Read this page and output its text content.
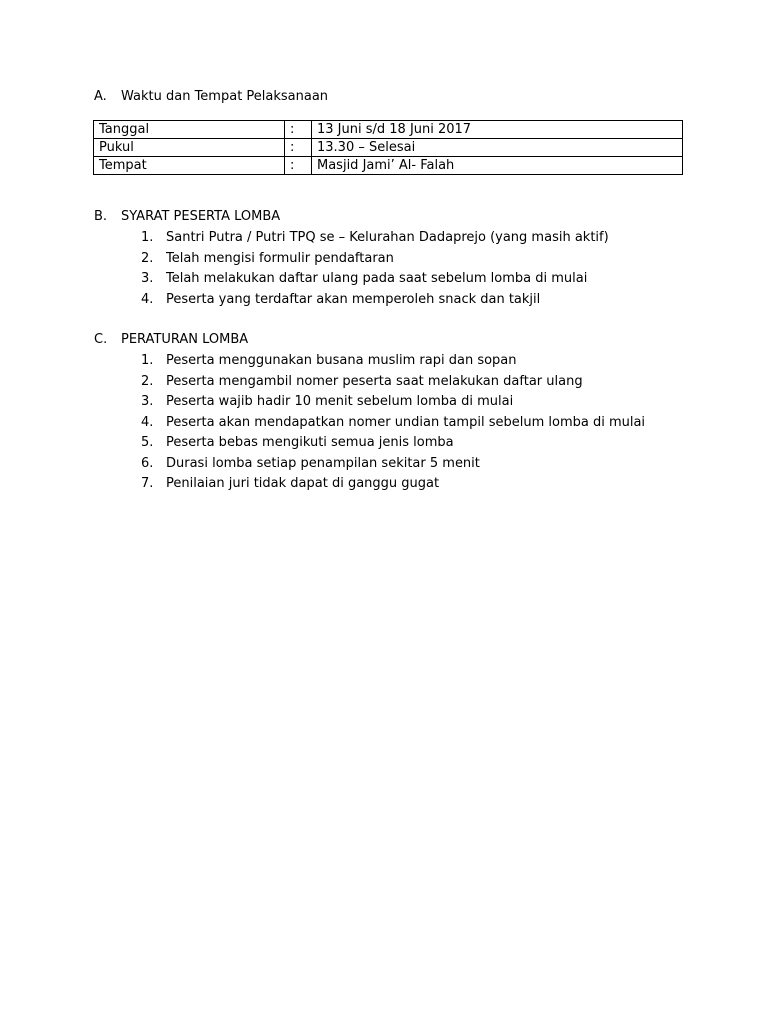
A. Waktu dan Tempat Pelaksanaan
Tanggal	:	13 Juni s/d 18 Juni 2017
Pukul	:	13.30 – Selesai
Tempat	:	Masjid Jami’ Al- Falah
B. SYARAT PESERTA LOMBA
1. Santri Putra / Putri TPQ se – Kelurahan Dadaprejo (yang masih aktif)
2. Telah mengisi formulir pendaftaran
3. Telah melakukan daftar ulang pada saat sebelum lomba di mulai
4. Peserta yang terdaftar akan memperoleh snack dan takjil
C. PERATURAN LOMBA
1. Peserta menggunakan busana muslim rapi dan sopan
2. Peserta mengambil nomer peserta saat melakukan daftar ulang
3. Peserta wajib hadir 10 menit sebelum lomba di mulai
4. Peserta akan mendapatkan nomer undian tampil sebelum lomba di mulai
5. Peserta bebas mengikuti semua jenis lomba
6. Durasi lomba setiap penampilan sekitar 5 menit
7. Penilaian juri tidak dapat di ganggu gugat
